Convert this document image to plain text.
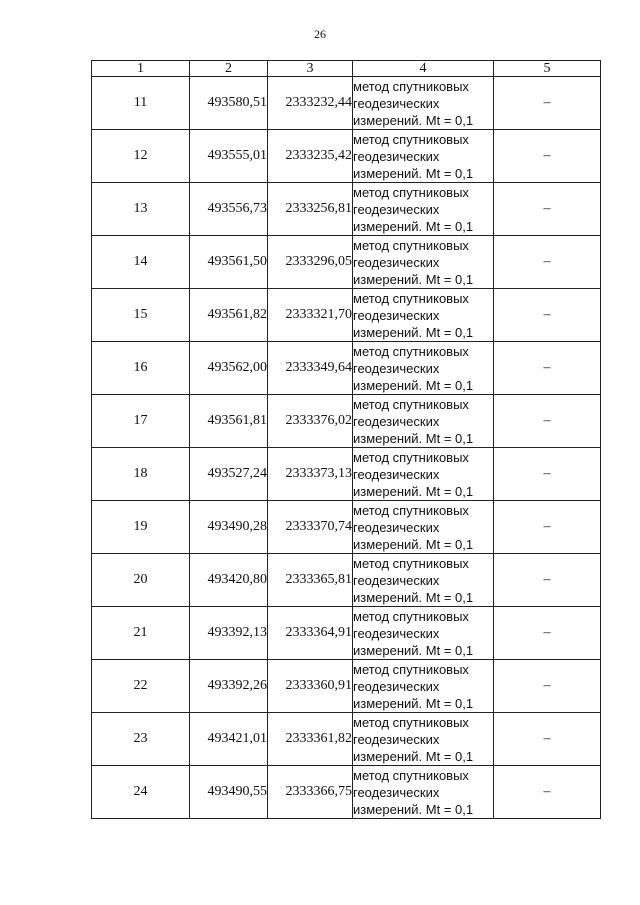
26
1	2	3	4	5
11	493580,51	2333232,44	метод спутниковых
геодезических
измерений. Mt = 0,1	–
12	493555,01	2333235,42	метод спутниковых
геодезических
измерений. Mt = 0,1	–
13	493556,73	2333256,81	метод спутниковых
геодезических
измерений. Mt = 0,1	–
14	493561,50	2333296,05	метод спутниковых
геодезических
измерений. Mt = 0,1	–
15	493561,82	2333321,70	метод спутниковых
геодезических
измерений. Mt = 0,1	–
16	493562,00	2333349,64	метод спутниковых
геодезических
измерений. Mt = 0,1	–
17	493561,81	2333376,02	метод спутниковых
геодезических
измерений. Mt = 0,1	–
18	493527,24	2333373,13	метод спутниковых
геодезических
измерений. Mt = 0,1	–
19	493490,28	2333370,74	метод спутниковых
геодезических
измерений. Mt = 0,1	–
20	493420,80	2333365,81	метод спутниковых
геодезических
измерений. Mt = 0,1	–
21	493392,13	2333364,91	метод спутниковых
геодезических
измерений. Mt = 0,1	–
22	493392,26	2333360,91	метод спутниковых
геодезических
измерений. Mt = 0,1	–
23	493421,01	2333361,82	метод спутниковых
геодезических
измерений. Mt = 0,1	–
24	493490,55	2333366,75	метод спутниковых
геодезических
измерений. Mt = 0,1	–
